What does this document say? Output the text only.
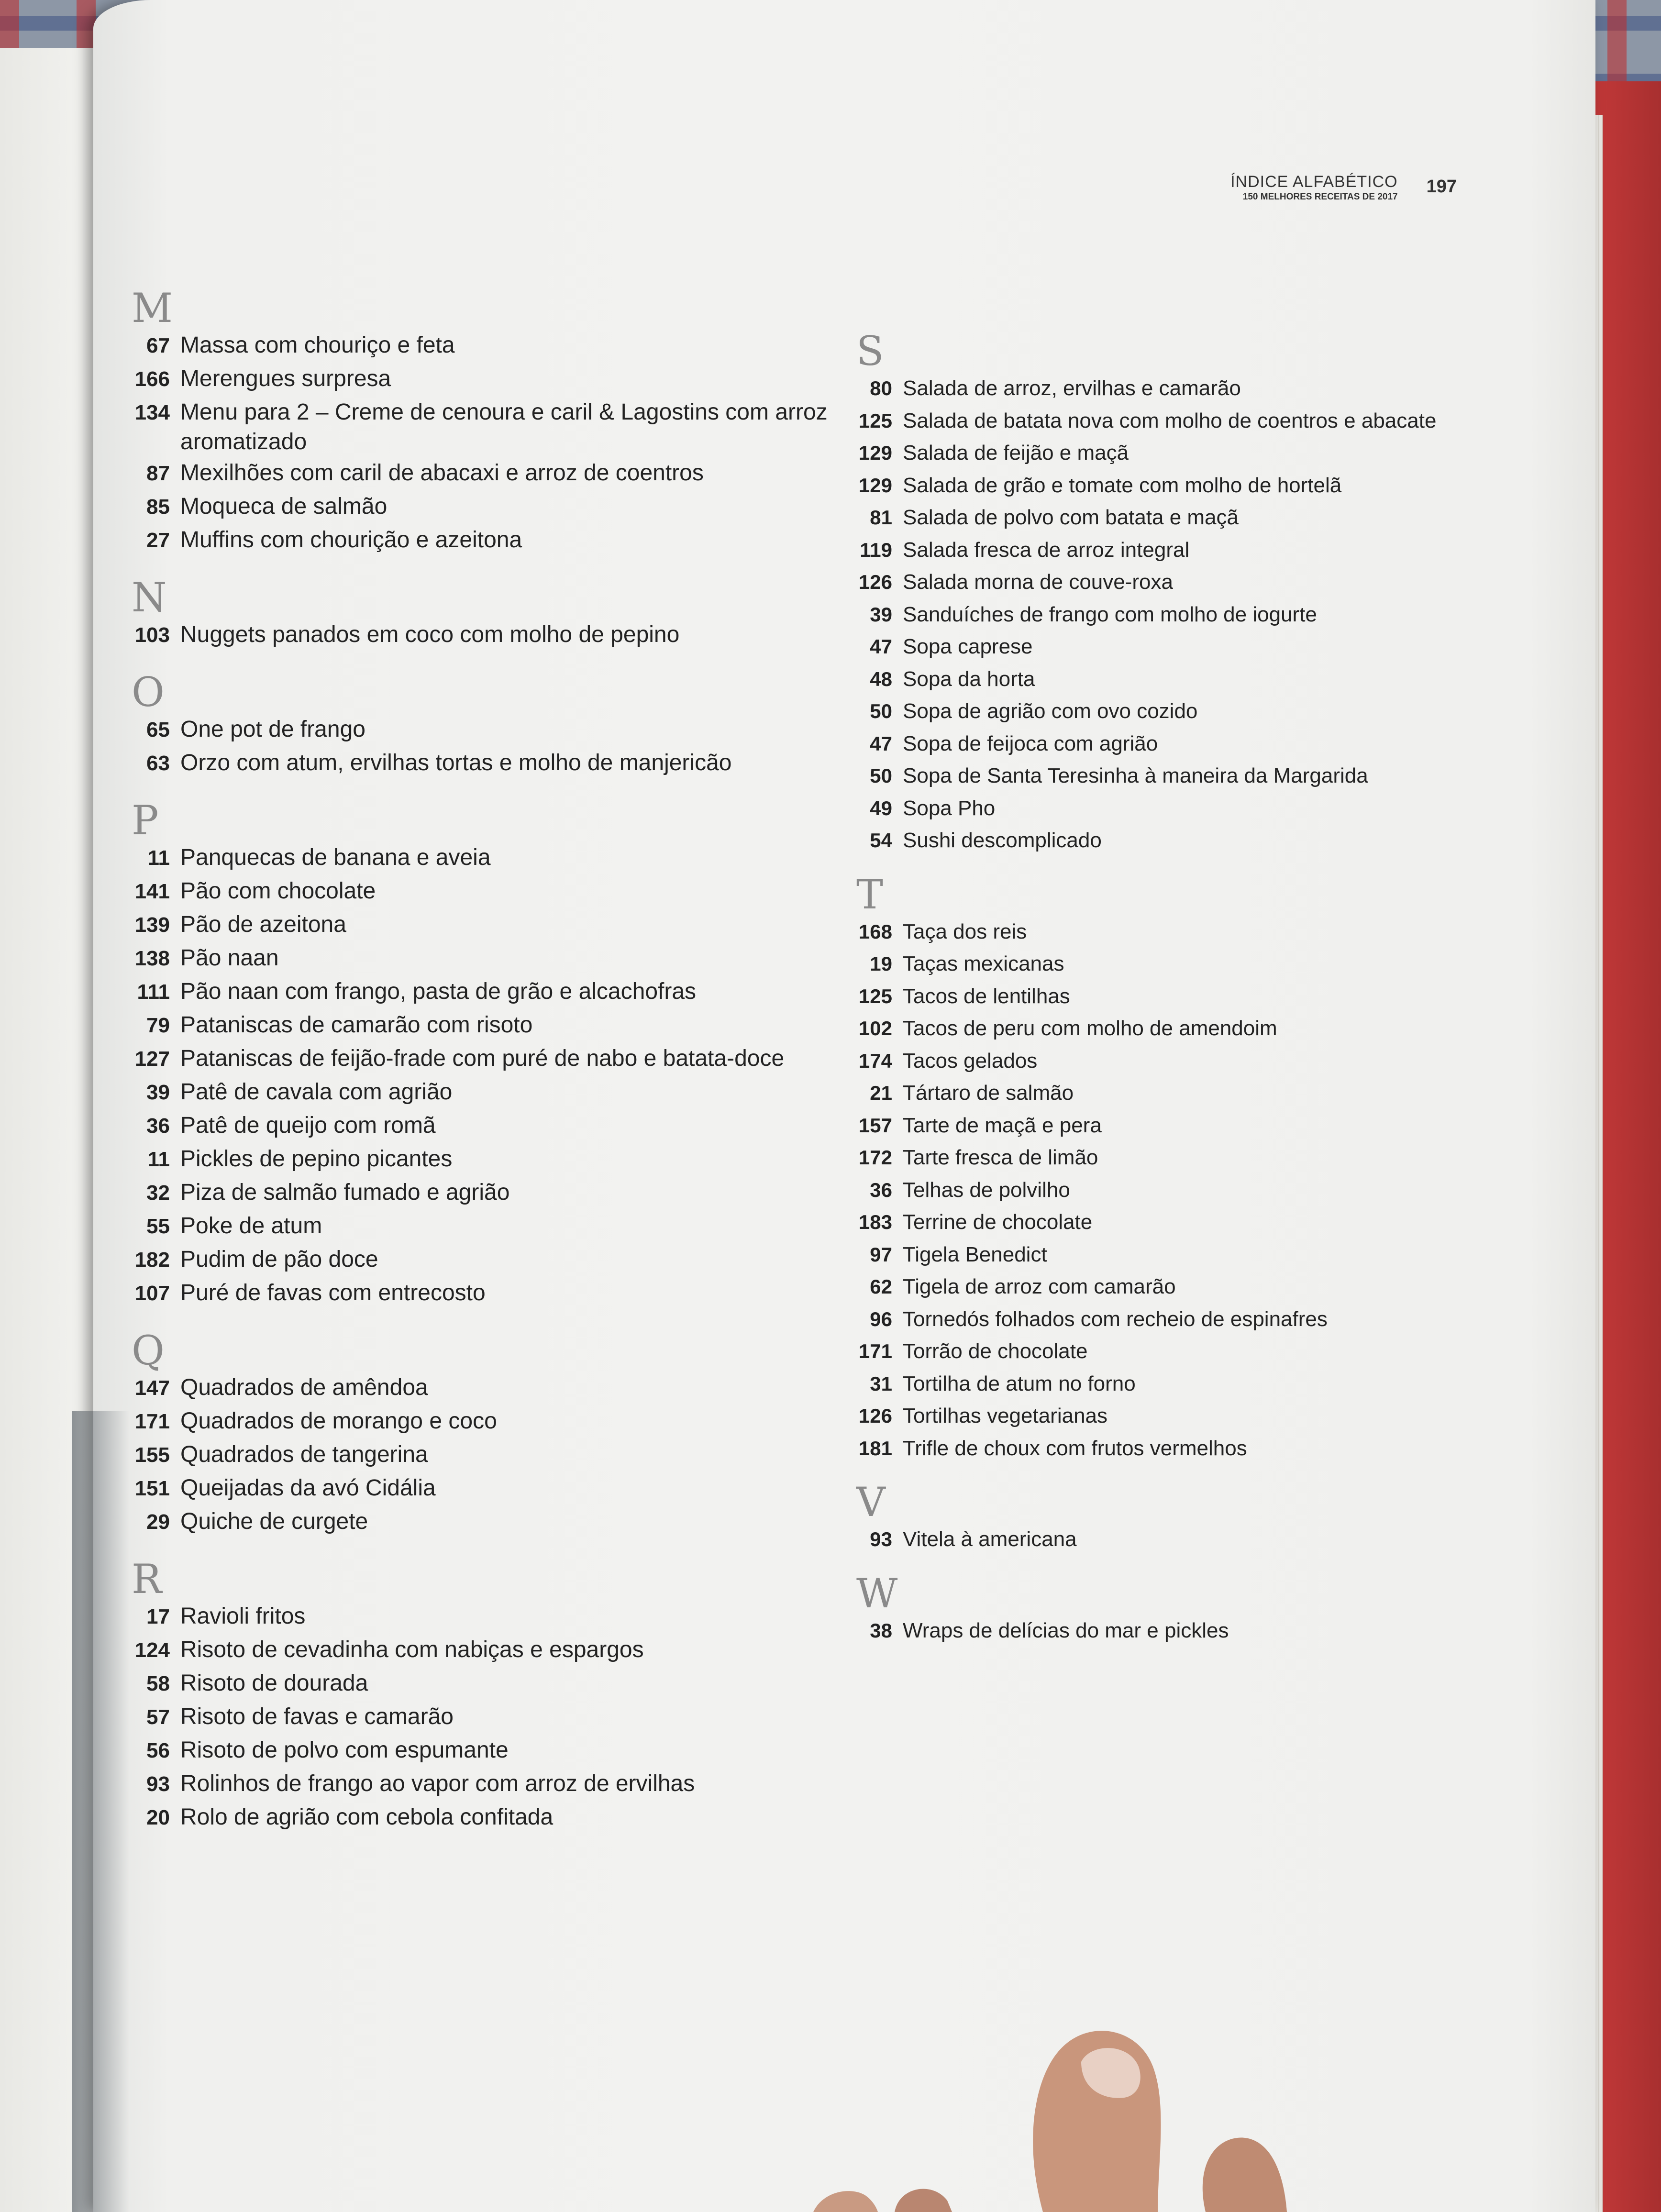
ÍNDICE ALFABÉTICO
150 MELHORES RECEITAS DE 2017
197
M
67 Massa com chouriço e feta
166 Merengues surpresa
134 Menu para 2 – Creme de cenoura e caril & Lagostins com arroz aromatizado
87 Mexilhões com caril de abacaxi e arroz de coentros
85 Moqueca de salmão
27 Muffins com chourição e azeitona
N
103 Nuggets panados em coco com molho de pepino
O
65 One pot de frango
63 Orzo com atum, ervilhas tortas e molho de manjericão
P
11 Panquecas de banana e aveia
141 Pão com chocolate
139 Pão de azeitona
138 Pão naan
111 Pão naan com frango, pasta de grão e alcachofras
79 Pataniscas de camarão com risoto
127 Pataniscas de feijão-frade com puré de nabo e batata-doce
39 Patê de cavala com agrião
36 Patê de queijo com romã
11 Pickles de pepino picantes
32 Piza de salmão fumado e agrião
55 Poke de atum
182 Pudim de pão doce
107 Puré de favas com entrecosto
Q
147 Quadrados de amêndoa
171 Quadrados de morango e coco
155 Quadrados de tangerina
151 Queijadas da avó Cidália
29 Quiche de curgete
R
17 Ravioli fritos
124 Risoto de cevadinha com nabiças e espargos
58 Risoto de dourada
57 Risoto de favas e camarão
56 Risoto de polvo com espumante
93 Rolinhos de frango ao vapor com arroz de ervilhas
20 Rolo de agrião com cebola confitada
S
80 Salada de arroz, ervilhas e camarão
125 Salada de batata nova com molho de coentros e abacate
129 Salada de feijão e maçã
129 Salada de grão e tomate com molho de hortelã
81 Salada de polvo com batata e maçã
119 Salada fresca de arroz integral
126 Salada morna de couve-roxa
39 Sanduíches de frango com molho de iogurte
47 Sopa caprese
48 Sopa da horta
50 Sopa de agrião com ovo cozido
47 Sopa de feijoca com agrião
50 Sopa de Santa Teresinha à maneira da Margarida
49 Sopa Pho
54 Sushi descomplicado
T
168 Taça dos reis
19 Taças mexicanas
125 Tacos de lentilhas
102 Tacos de peru com molho de amendoim
174 Tacos gelados
21 Tártaro de salmão
157 Tarte de maçã e pera
172 Tarte fresca de limão
36 Telhas de polvilho
183 Terrine de chocolate
97 Tigela Benedict
62 Tigela de arroz com camarão
96 Tornedós folhados com recheio de espinafres
171 Torrão de chocolate
31 Tortilha de atum no forno
126 Tortilhas vegetarianas
181 Trifle de choux com frutos vermelhos
V
93 Vitela à americana
W
38 Wraps de delícias do mar e pickles
